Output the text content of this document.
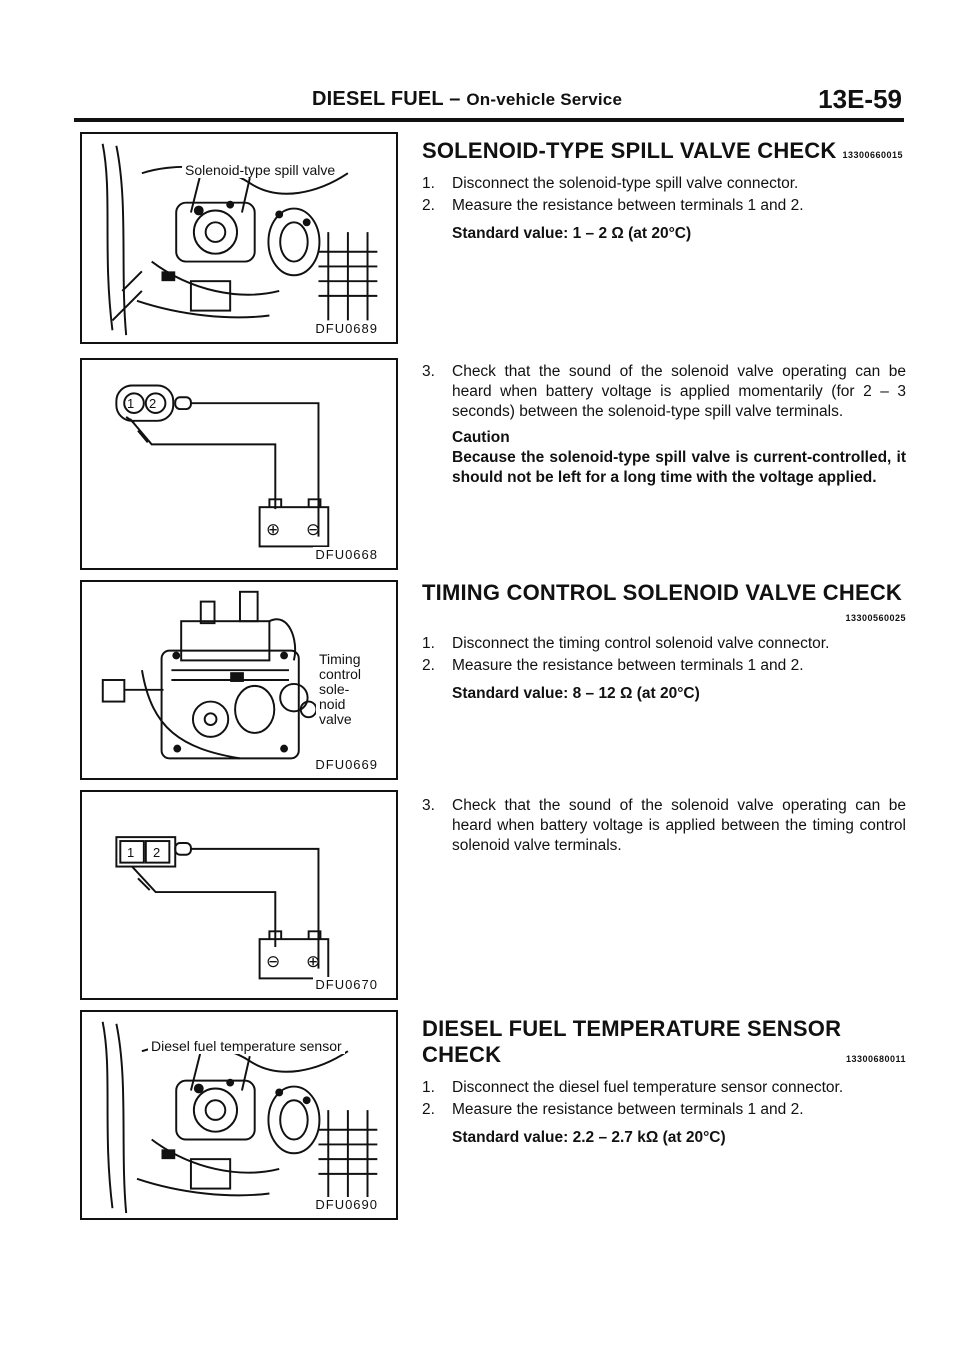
DIESEL FUEL – On-vehicle Service	13E-59
Solenoid-type spill valve
DFU0689
1 2
⊕ ⊖
DFU0668
Timing
control
sole-
noid
valve
DFU0669
1 2
⊖ ⊕
DFU0670
Diesel fuel temperature sensor
DFU0690
SOLENOID-TYPE SPILL VALVE CHECK 13300660015
1.	Disconnect the solenoid-type spill valve connector.
2.	Measure the resistance between terminals 1 and 2.
Standard value: 1 – 2 Ω (at 20°C)
3.	Check that the sound of the solenoid valve operating can be heard when battery voltage is applied momentarily (for 2 – 3 seconds) between the solenoid-type spill valve terminals.
Caution
Because the solenoid-type spill valve is current-controlled, it should not be left for a long time with the voltage applied.
TIMING CONTROL SOLENOID VALVE CHECK
13300560025
1.	Disconnect the timing control solenoid valve connector.
2.	Measure the resistance between terminals 1 and 2.
Standard value: 8 – 12 Ω (at 20°C)
3.	Check that the sound of the solenoid valve operating can be heard when battery voltage is applied between the timing control solenoid valve terminals.
DIESEL FUEL TEMPERATURE SENSOR
CHECK	13300680011
1.	Disconnect the diesel fuel temperature sensor connector.
2.	Measure the resistance between terminals 1 and 2.
Standard value: 2.2 – 2.7 kΩ (at 20°C)
